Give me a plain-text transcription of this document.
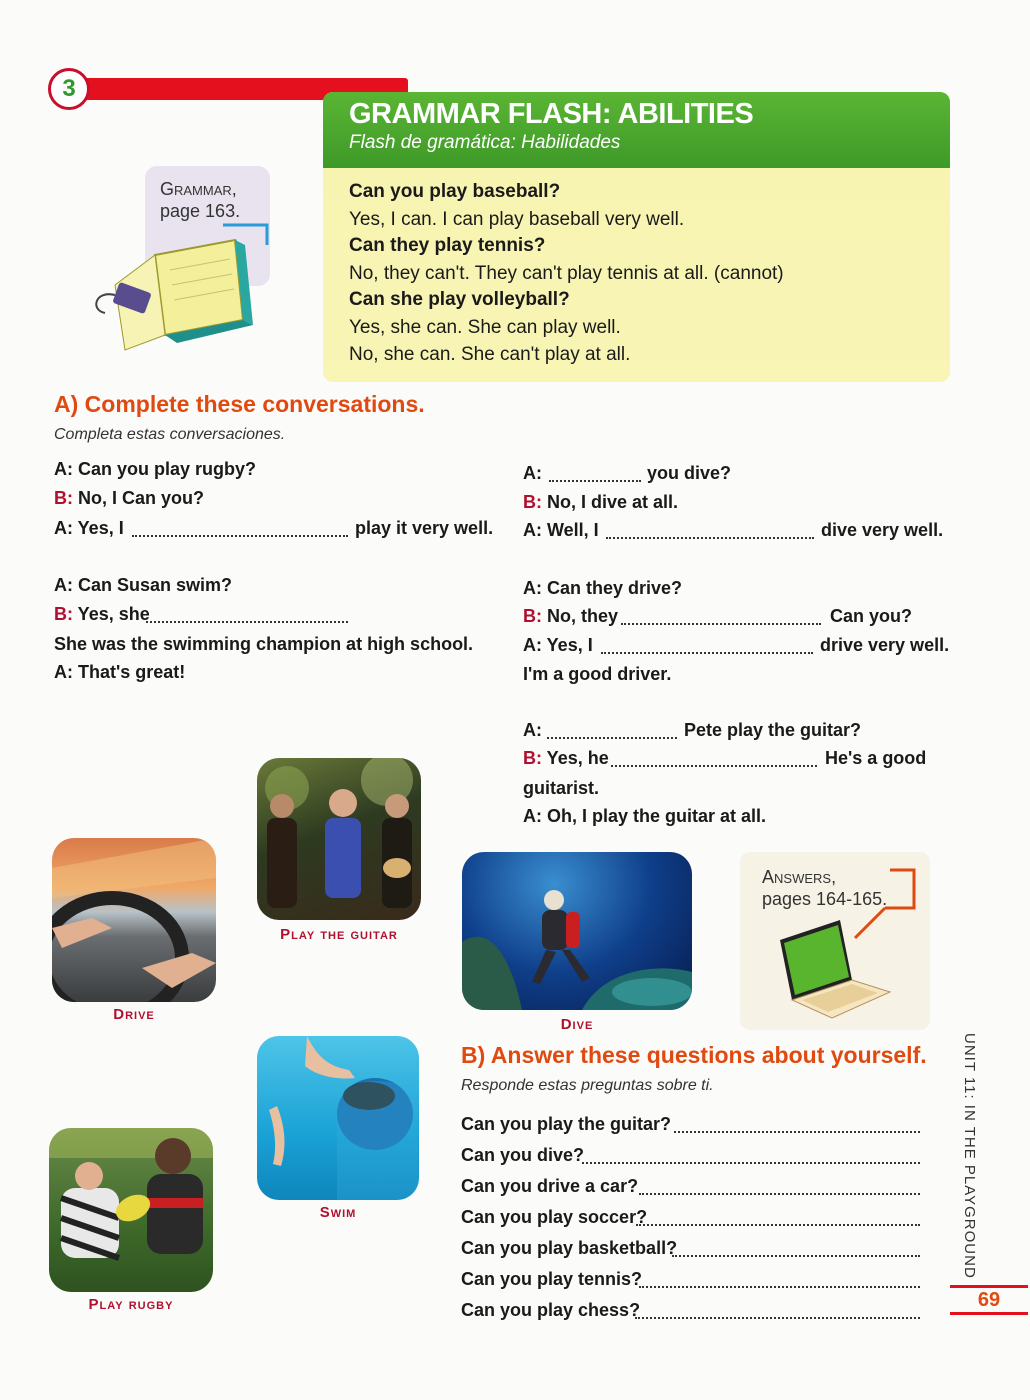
3
GRAMMAR FLASH: ABILITIES
Flash de gramática: Habilidades
Can you play baseball?
Yes, I can. I can play baseball very well.
Can they play tennis?
No, they can't. They can't play tennis at all. (cannot)
Can she play volleyball?
Yes, she can. She can play well.
No, she can. She can't play at all.
Grammar,
page 163.
A) Complete these conversations.
Completa estas conversaciones.
A: Can you play rugby?
B: No, I Can you?
A: Yes, I	play it very well.
A: Can Susan swim?
B: Yes, she
She was the swimming champion at high school.
A: That's great!
A:	you dive?
B: No, I dive at all.
A: Well, I	dive very well.
A: Can they drive?
B: No, they	Can you?
A: Yes, I	drive very well.
I'm a good driver.
A:	Pete play the guitar?
B: Yes, he	He's a good
guitarist.
A: Oh, I play the guitar at all.
Play the guitar
Drive
Dive
Answers,
pages 164-165.
Swim
Play rugby
B) Answer these questions about yourself.
Responde estas preguntas sobre ti.
Can you play the guitar?
Can you dive?
Can you drive a car?
Can you play soccer?
Can you play basketball?
Can you play tennis?
Can you play chess?
UNIT 11: IN THE PLAYGROUND
69
